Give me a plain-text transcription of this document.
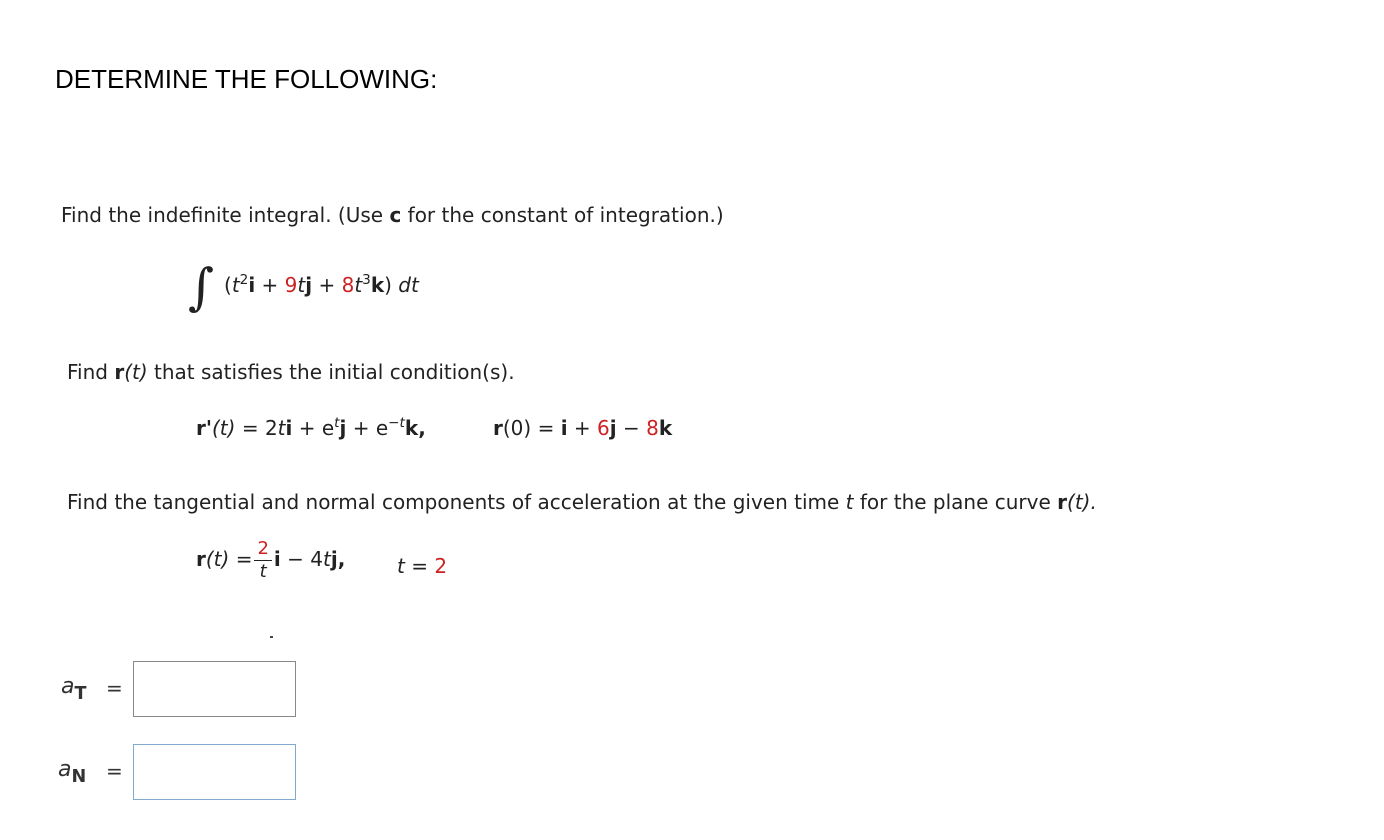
DETERMINE THE FOLLOWING:
Find the indefinite integral. (Use c for the constant of integration.)
∫ $(t^2i + 9tj + 8t^3k)$ dt
Find r(t) that satisfies the initial condition(s).
$r'(t) = 2ti + e^tj + e^{-t}k$,	r(0) = i + 6j − 8k
Find the tangential and normal components of acceleration at the given time t for the plane curve r(t).
$r(t) = \frac{2}{t}$ i − 4tj,	t = 2
$a_T$ =
$a_N$ =
